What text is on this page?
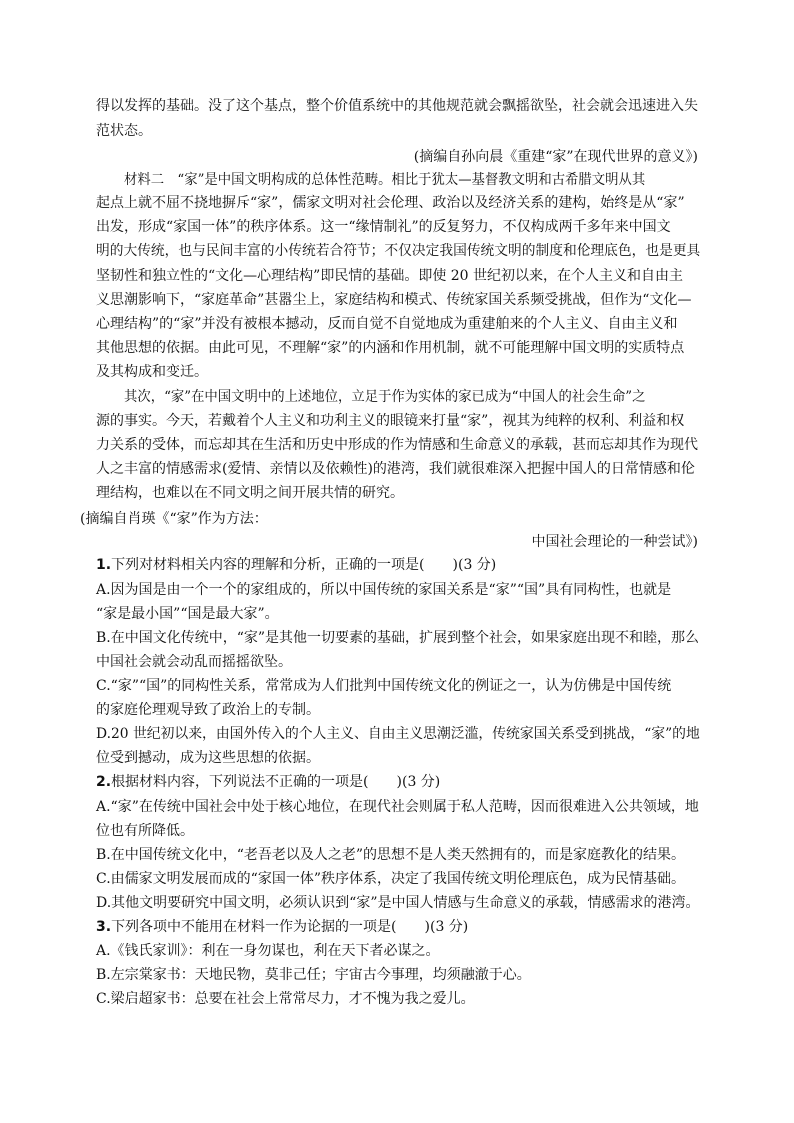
得以发挥的基础。没了这个基点，整个价值系统中的其他规范就会飘摇欲坠，社会就会迅速进入失
范状态。
(摘编自孙向晨《重建“家”在现代世界的意义》)
材料二　“家”是中国文明构成的总体性范畴。相比于犹太—基督教文明和古希腊文明从其
起点上就不屈不挠地摒斥“家”，儒家文明对社会伦理、政治以及经济关系的建构，始终是从“家”
出发，形成“家国一体”的秩序体系。这一“缘情制礼”的反复努力，不仅构成两千多年来中国文
明的大传统，也与民间丰富的小传统若合符节；不仅决定我国传统文明的制度和伦理底色，也是更具
坚韧性和独立性的“文化—心理结构”即民情的基础。即使 20 世纪初以来，在个人主义和自由主
义思潮影响下，“家庭革命”甚嚣尘上，家庭结构和模式、传统家国关系频受挑战，但作为“文化—
心理结构”的“家”并没有被根本撼动，反而自觉不自觉地成为重建舶来的个人主义、自由主义和
其他思想的依据。由此可见，不理解“家”的内涵和作用机制，就不可能理解中国文明的实质特点
及其构成和变迁。
其次，“家”在中国文明中的上述地位，立足于作为实体的家已成为“中国人的社会生命”之
源的事实。今天，若戴着个人主义和功利主义的眼镜来打量“家”，视其为纯粹的权利、利益和权
力关系的受体，而忘却其在生活和历史中形成的作为情感和生命意义的承载，甚而忘却其作为现代
人之丰富的情感需求(爱情、亲情以及依赖性)的港湾，我们就很难深入把握中国人的日常情感和伦
理结构，也难以在不同文明之间开展共情的研究。
(摘编自肖瑛《“家”作为方法：
中国社会理论的一种尝试》)
1.下列对材料相关内容的理解和分析，正确的一项是(　　)(3 分)
A.因为国是由一个一个的家组成的，所以中国传统的家国关系是“家”“国”具有同构性，也就是
“家是最小国”“国是最大家”。
B.在中国文化传统中，“家”是其他一切要素的基础，扩展到整个社会，如果家庭出现不和睦，那么
中国社会就会动乱而摇摇欲坠。
C.“家”“国”的同构性关系，常常成为人们批判中国传统文化的例证之一，认为仿佛是中国传统
的家庭伦理观导致了政治上的专制。
D.20 世纪初以来，由国外传入的个人主义、自由主义思潮泛滥，传统家国关系受到挑战，“家”的地
位受到撼动，成为这些思想的依据。
2.根据材料内容，下列说法不正确的一项是(　　)(3 分)
A.“家”在传统中国社会中处于核心地位，在现代社会则属于私人范畴，因而很难进入公共领域，地
位也有所降低。
B.在中国传统文化中，“老吾老以及人之老”的思想不是人类天然拥有的，而是家庭教化的结果。
C.由儒家文明发展而成的“家国一体”秩序体系，决定了我国传统文明伦理底色，成为民情基础。
D.其他文明要研究中国文明，必须认识到“家”是中国人情感与生命意义的承载，情感需求的港湾。
3.下列各项中不能用在材料一作为论据的一项是(　　)(3 分)
A.《钱氏家训》：利在一身勿谋也，利在天下者必谋之。
B.左宗棠家书：天地民物，莫非己任；宇宙古今事理，均须融澈于心。
C.梁启超家书：总要在社会上常常尽力，才不愧为我之爱儿。
